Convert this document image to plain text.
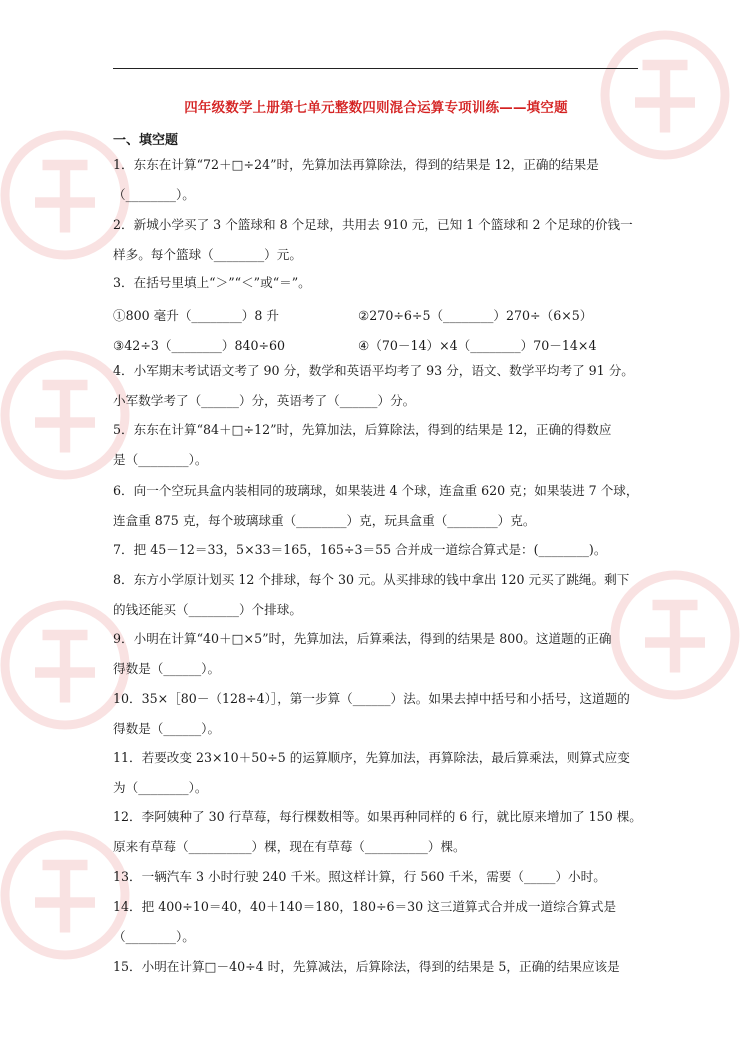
四年级数学上册第七单元整数四则混合运算专项训练——填空题
一、填空题
1．东东在计算“72＋□÷24”时，先算加法再算除法，得到的结果是 12，正确的结果是
（________）。
2．新城小学买了 3 个篮球和 8 个足球，共用去 910 元，已知 1 个篮球和 2 个足球的价钱一
样多。每个篮球（________）元。
3．在括号里填上“＞”“＜”或“＝”。
①800 毫升（________）8 升	②270÷6÷5（________）270÷（6×5）
③42÷3（________）840÷60	④（70－14）×4（________）70－14×4
4．小军期末考试语文考了 90 分，数学和英语平均考了 93 分，语文、数学平均考了 91 分。
小军数学考了（______）分，英语考了（______）分。
5．东东在计算“84＋□÷12”时，先算加法，后算除法，得到的结果是 12，正确的得数应
是（________）。
6．向一个空玩具盒内装相同的玻璃球，如果装进 4 个球，连盒重 620 克；如果装进 7 个球，
连盒重 875 克，每个玻璃球重（________）克，玩具盒重（________）克。
7．把 45－12＝33，5×33＝165，165÷3＝55 合并成一道综合算式是：(________)。
8．东方小学原计划买 12 个排球，每个 30 元。从买排球的钱中拿出 120 元买了跳绳。剩下
的钱还能买（________）个排球。
9．小明在计算“40＋□×5”时，先算加法，后算乘法，得到的结果是 800。这道题的正确
得数是（______）。
10．35×［80－（128÷4）］，第一步算（______）法。如果去掉中括号和小括号，这道题的
得数是（______）。
11．若要改变 23×10＋50÷5 的运算顺序，先算加法，再算除法，最后算乘法，则算式应变
为（________）。
12．李阿姨种了 30 行草莓，每行棵数相等。如果再种同样的 6 行，就比原来增加了 150 棵。
原来有草莓（__________）棵，现在有草莓（__________）棵。
13．一辆汽车 3 小时行驶 240 千米。照这样计算，行 560 千米，需要（_____）小时。
14．把 400÷10＝40，40＋140＝180，180÷6＝30 这三道算式合并成一道综合算式是
（________）。
15．小明在计算□－40÷4 时，先算减法，后算除法，得到的结果是 5，正确的结果应该是
